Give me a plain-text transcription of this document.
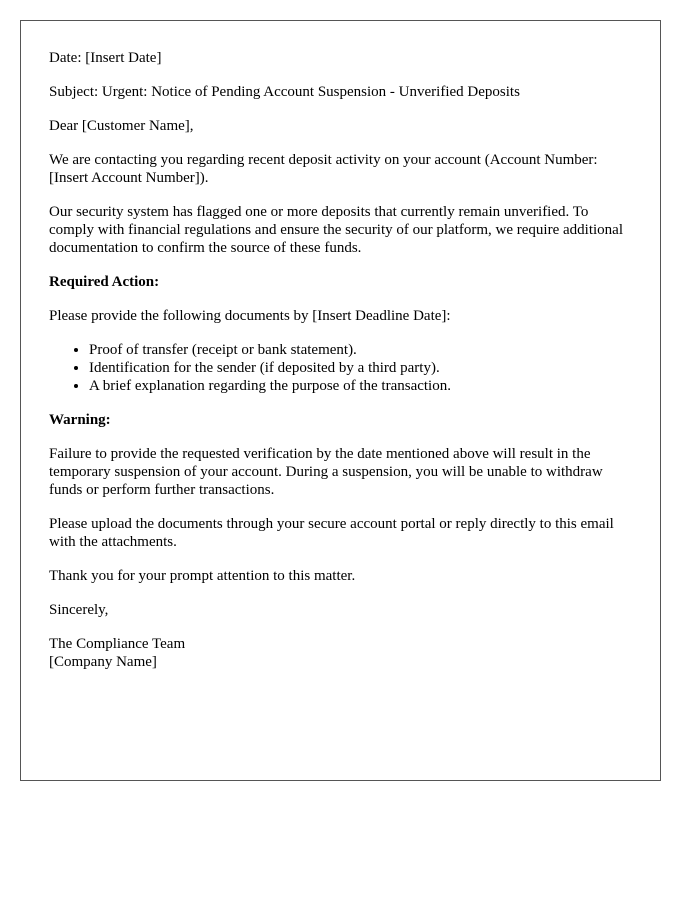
Date: [Insert Date]

Subject: Urgent: Notice of Pending Account Suspension - Unverified Deposits

Dear [Customer Name],

We are contacting you regarding recent deposit activity on your account (Account Number: [Insert Account Number]).

Our security system has flagged one or more deposits that currently remain unverified. To comply with financial regulations and ensure the security of our platform, we require additional documentation to confirm the source of these funds.

Required Action:

Please provide the following documents by [Insert Deadline Date]:

• Proof of transfer (receipt or bank statement).
• Identification for the sender (if deposited by a third party).
• A brief explanation regarding the purpose of the transaction.

Warning:

Failure to provide the requested verification by the date mentioned above will result in the temporary suspension of your account. During a suspension, you will be unable to withdraw funds or perform further transactions.

Please upload the documents through your secure account portal or reply directly to this email with the attachments.

Thank you for your prompt attention to this matter.

Sincerely,

The Compliance Team
[Company Name]
